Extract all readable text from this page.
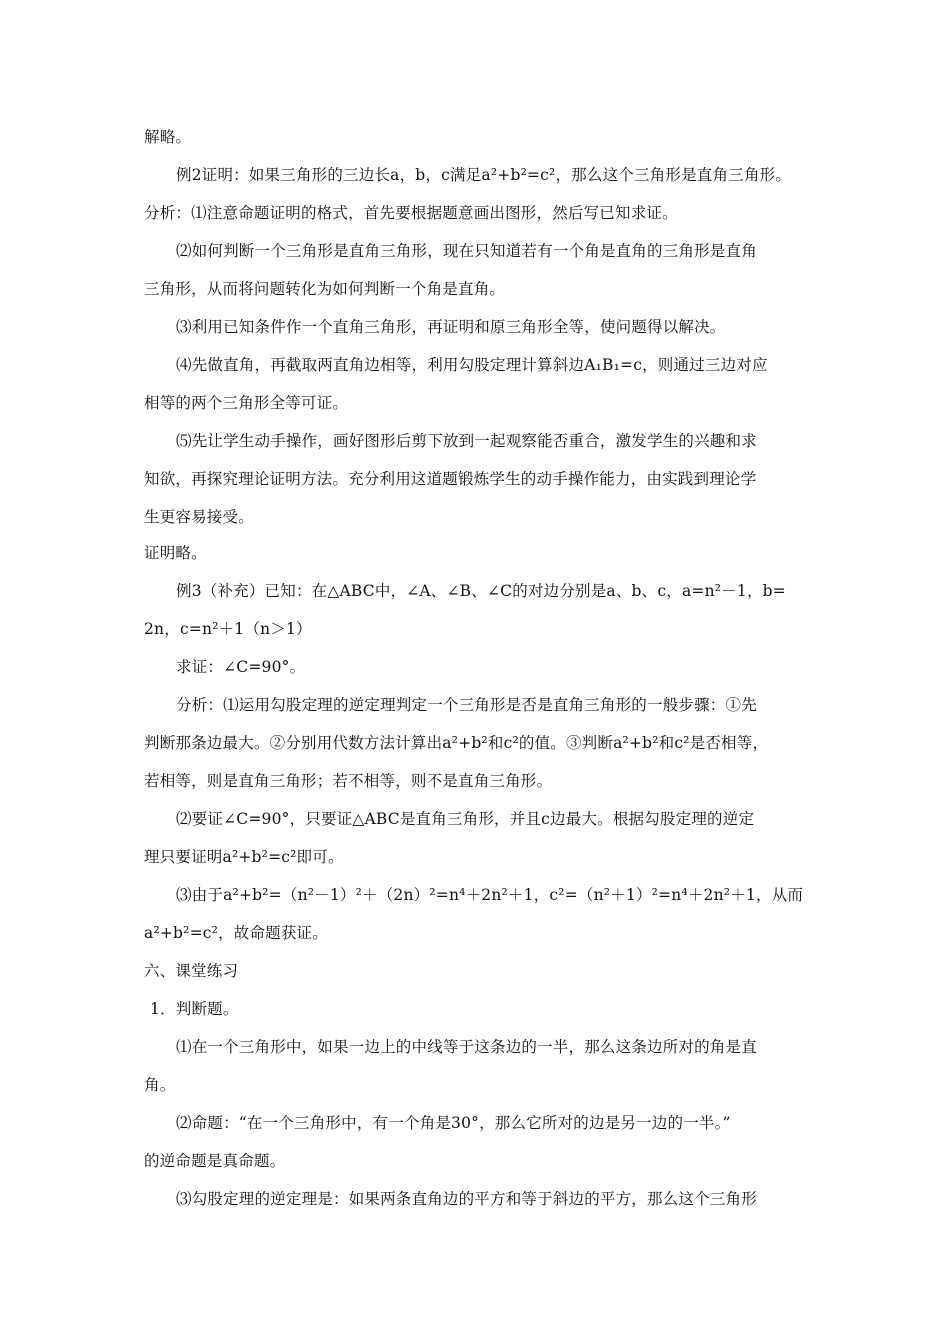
解略。
例2证明：如果三角形的三边长a，b，c满足a²+b²=c²，那么这个三角形是直角三角形。
分析：⑴注意命题证明的格式，首先要根据题意画出图形，然后写已知求证。
⑵如何判断一个三角形是直角三角形，现在只知道若有一个角是直角的三角形是直角
三角形，从而将问题转化为如何判断一个角是直角。
⑶利用已知条件作一个直角三角形，再证明和原三角形全等，使问题得以解决。
⑷先做直角，再截取两直角边相等，利用勾股定理计算斜边A₁B₁=c，则通过三边对应
相等的两个三角形全等可证。
⑸先让学生动手操作，画好图形后剪下放到一起观察能否重合，激发学生的兴趣和求
知欲，再探究理论证明方法。充分利用这道题锻炼学生的动手操作能力，由实践到理论学
生更容易接受。
证明略。
例3（补充）已知：在△ABC中，∠A、∠B、∠C的对边分别是a、b、c，a=n²－1，b=
2n，c=n²＋1（n＞1）
求证：∠C=90°。
分析：⑴运用勾股定理的逆定理判定一个三角形是否是直角三角形的一般步骤：①先
判断那条边最大。②分别用代数方法计算出a²+b²和c²的值。③判断a²+b²和c²是否相等，
若相等，则是直角三角形；若不相等，则不是直角三角形。
⑵要证∠C=90°，只要证△ABC是直角三角形，并且c边最大。根据勾股定理的逆定
理只要证明a²+b²=c²即可。
⑶由于a²+b²=（n²－1）²＋（2n）²=n⁴＋2n²＋1，c²=（n²＋1）²=n⁴＋2n²＋1，从而
a²+b²=c²，故命题获证。
六、课堂练习
1．判断题。
⑴在一个三角形中，如果一边上的中线等于这条边的一半，那么这条边所对的角是直
角。
⑵命题：“在一个三角形中，有一个角是30°，那么它所对的边是另一边的一半。”
的逆命题是真命题。
⑶勾股定理的逆定理是：如果两条直角边的平方和等于斜边的平方，那么这个三角形
